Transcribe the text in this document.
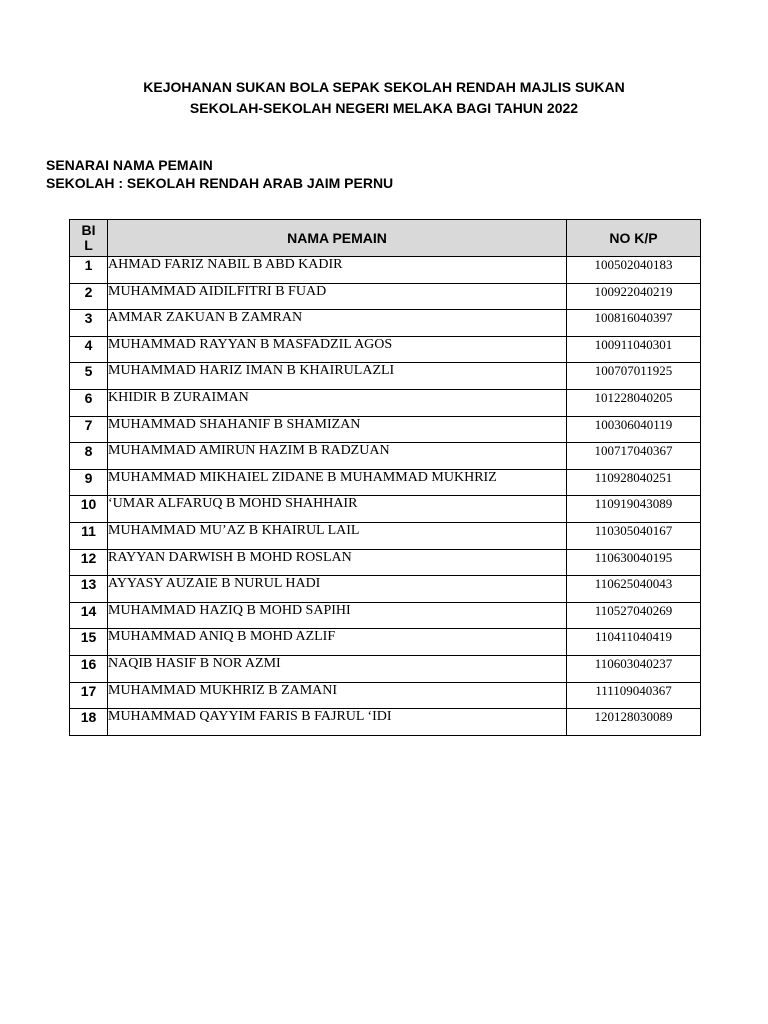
KEJOHANAN SUKAN BOLA SEPAK SEKOLAH RENDAH MAJLIS SUKAN
SEKOLAH-SEKOLAH NEGERI MELAKA BAGI TAHUN 2022
SENARAI NAMA PEMAIN
SEKOLAH : SEKOLAH RENDAH ARAB JAIM PERNU
BI
L	NAMA PEMAIN	NO K/P
1	AHMAD FARIZ NABIL B ABD KADIR	100502040183
2	MUHAMMAD AIDILFITRI B FUAD	100922040219
3	AMMAR ZAKUAN B ZAMRAN	100816040397
4	MUHAMMAD RAYYAN B MASFADZIL AGOS	100911040301
5	MUHAMMAD HARIZ IMAN B KHAIRULAZLI	100707011925
6	KHIDIR B ZURAIMAN	101228040205
7	MUHAMMAD SHAHANIF B SHAMIZAN	100306040119
8	MUHAMMAD AMIRUN HAZIM B RADZUAN	100717040367
9	MUHAMMAD MIKHAIEL ZIDANE B MUHAMMAD MUKHRIZ	110928040251
10	‘UMAR ALFARUQ B MOHD SHAHHAIR	110919043089
11	MUHAMMAD MU’AZ B KHAIRUL LAIL	110305040167
12	RAYYAN DARWISH B MOHD ROSLAN	110630040195
13	AYYASY AUZAIE B NURUL HADI	110625040043
14	MUHAMMAD HAZIQ B MOHD SAPIHI	110527040269
15	MUHAMMAD ANIQ B MOHD AZLIF	110411040419
16	NAQIB HASIF B NOR AZMI	110603040237
17	MUHAMMAD MUKHRIZ B ZAMANI	111109040367
18	MUHAMMAD QAYYIM FARIS B FAJRUL ‘IDI	120128030089
